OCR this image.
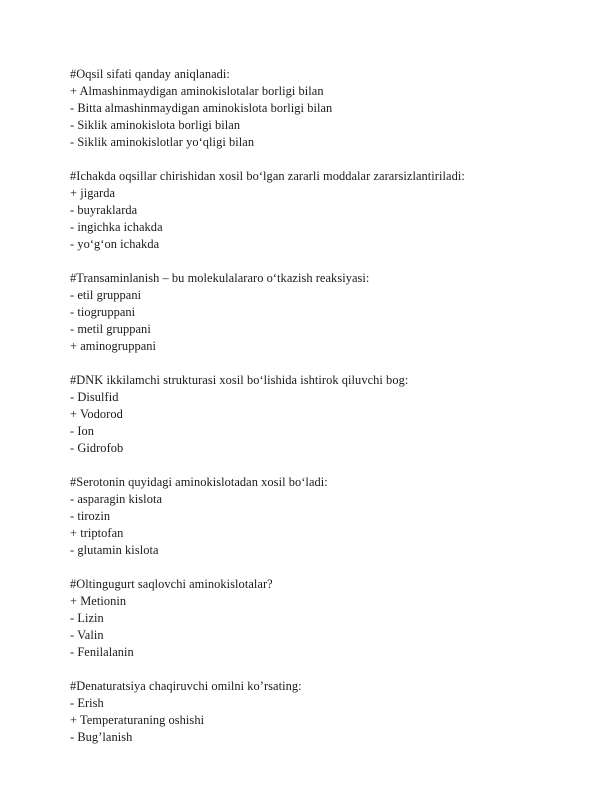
#Oqsil sifati qanday aniqlanadi:
+ Almashinmaydigan aminokislotalar borligi bilan
- Bitta almashinmaydigan aminokislota borligi bilan
- Siklik aminokislota borligi bilan
- Siklik aminokislotlar yoʻqligi bilan
#Ichakda oqsillar chirishidan xosil boʻlgan zararli moddalar zararsizlantiriladi:
+ jigarda
- buyraklarda
- ingichka ichakda
- yoʻgʻon ichakda
#Transaminlanish – bu molekulalararo oʻtkazish reaksiyasi:
- etil gruppani
- tiogruppani
- metil gruppani
+ aminogruppani
#DNK ikkilamchi strukturasi xosil boʻlishida ishtirok qiluvchi bog:
- Disulfid
+ Vodorod
- Ion
- Gidrofob
#Serotonin quyidagi aminokislotadan xosil boʻladi:
- asparagin kislota
- tirozin
+ triptofan
- glutamin kislota
#Oltingugurt saqlovchi aminokislotalar?
+ Metionin
- Lizin
- Valin
- Fenilalanin
#Denaturatsiya chaqiruvchi omilni ko’rsating:
- Erish
+ Temperaturaning oshishi
- Bug’lanish
